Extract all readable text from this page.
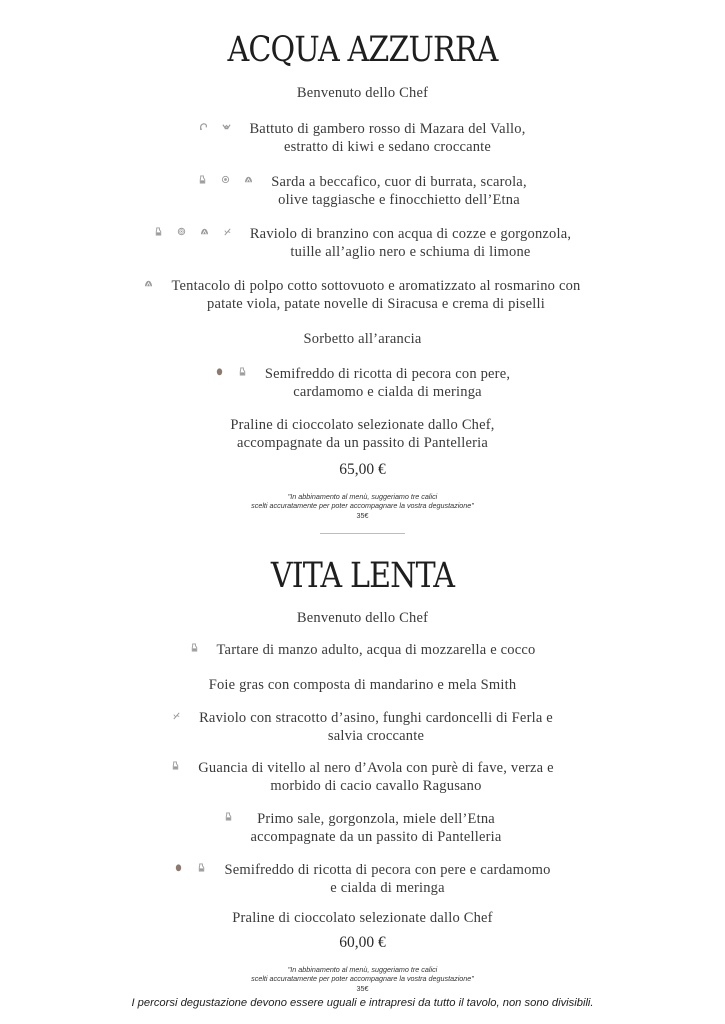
ACQUA AZZURRA
Benvenuto dello Chef
Battuto di gambero rosso di Mazara del Vallo,
estratto di kiwi e sedano croccante
Sarda a beccafico, cuor di burrata, scarola,
olive taggiasche e finocchietto dell’Etna
Raviolo di branzino con acqua di cozze e gorgonzola,
tuille all’aglio nero e schiuma di limone
Tentacolo di polpo cotto sottovuoto e aromatizzato al rosmarino con
patate viola, patate novelle di Siracusa e crema di piselli
Sorbetto all’arancia
Semifreddo di ricotta di pecora con pere,
cardamomo e cialda di meringa
Praline di cioccolato selezionate dallo Chef,
accompagnate da un passito di Pantelleria
65,00 €

"In abbinamento al menù, suggeriamo tre calici
scelti accuratamente per poter accompagnare la vostra degustazione"

35€

VITA LENTA
Benvenuto dello Chef
Tartare di manzo adulto, acqua di mozzarella e cocco
Foie gras con composta di mandarino e mela Smith
Raviolo con stracotto d’asino, funghi cardoncelli di Ferla e
salvia croccante
Guancia di vitello al nero d’Avola con purè di fave, verza e
morbido di cacio cavallo Ragusano
Primo sale, gorgonzola, miele dell’Etna
accompagnate da un passito di Pantelleria
Semifreddo di ricotta di pecora con pere e cardamomo
e cialda di meringa
Praline di cioccolato selezionate dallo Chef
60,00 €

"In abbinamento al menù, suggeriamo tre calici
scelti accuratamente per poter accompagnare la vostra degustazione"

35€

I percorsi degustazione devono essere uguali e intrapresi da tutto il tavolo, non sono divisibili.
